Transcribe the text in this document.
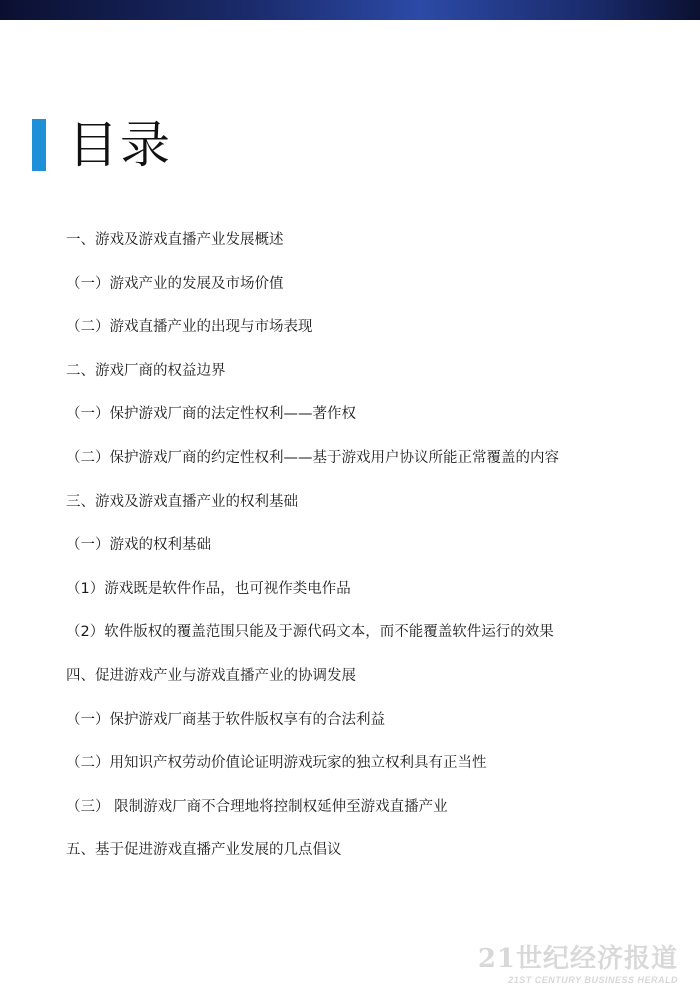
目录
一、游戏及游戏直播产业发展概述
（一）游戏产业的发展及市场价值
（二）游戏直播产业的出现与市场表现
二、游戏厂商的权益边界
（一）保护游戏厂商的法定性权利——著作权
（二）保护游戏厂商的约定性权利——基于游戏用户协议所能正常覆盖的内容
三、游戏及游戏直播产业的权利基础
（一）游戏的权利基础
（1）游戏既是软件作品，也可视作类电作品
（2）软件版权的覆盖范围只能及于源代码文本，而不能覆盖软件运行的效果
四、促进游戏产业与游戏直播产业的协调发展
（一）保护游戏厂商基于软件版权享有的合法利益
（二）用知识产权劳动价值论证明游戏玩家的独立权利具有正当性
（三） 限制游戏厂商不合理地将控制权延伸至游戏直播产业
五、基于促进游戏直播产业发展的几点倡议
21世纪经济报道
21ST CENTURY BUSINESS HERALD
